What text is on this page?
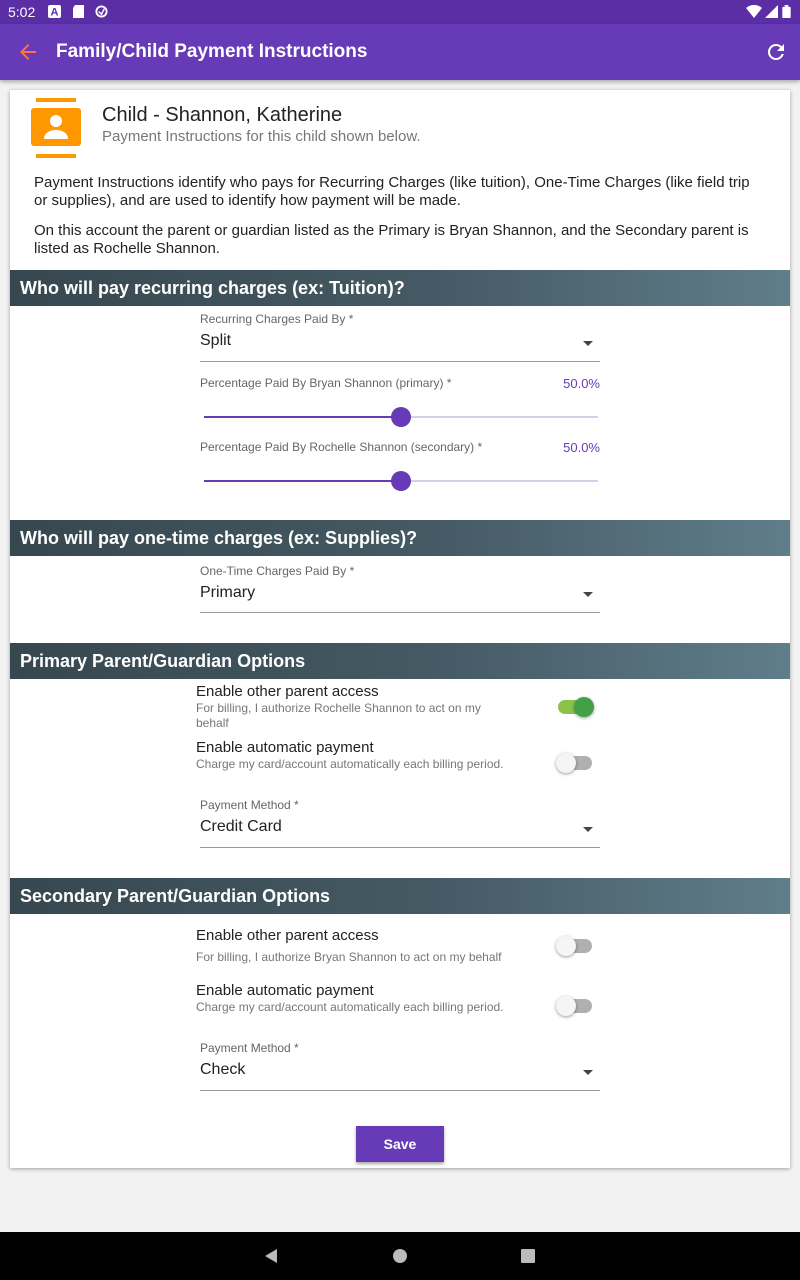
5:02 A
Family/Child Payment Instructions
Child - Shannon, Katherine
Payment Instructions for this child shown below.
Payment Instructions identify who pays for Recurring Charges (like tuition), One-Time Charges (like field trip or supplies), and are used to identify how payment will be made.
On this account the parent or guardian listed as the Primary is Bryan Shannon, and the Secondary parent is listed as Rochelle Shannon.
Who will pay recurring charges (ex: Tuition)?
Recurring Charges Paid By *
Split
Percentage Paid By Bryan Shannon (primary) *	50.0%
Percentage Paid By Rochelle Shannon (secondary) *	50.0%
Who will pay one-time charges (ex: Supplies)?
One-Time Charges Paid By *
Primary
Primary Parent/Guardian Options
Enable other parent access
For billing, I authorize Rochelle Shannon to act on my behalf
Enable automatic payment
Charge my card/account automatically each billing period.
Payment Method *
Credit Card
Secondary Parent/Guardian Options
Enable other parent access
For billing, I authorize Bryan Shannon to act on my behalf
Enable automatic payment
Charge my card/account automatically each billing period.
Payment Method *
Check
Save
